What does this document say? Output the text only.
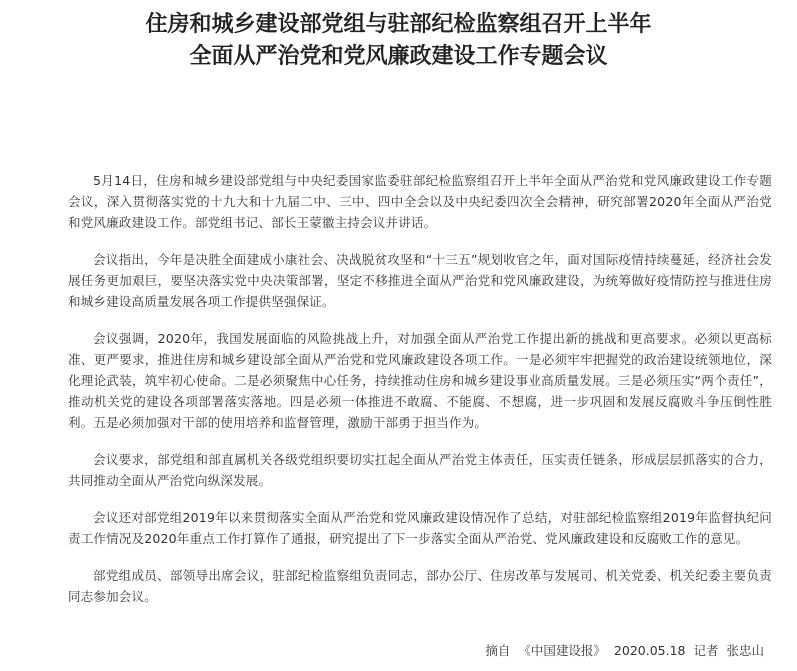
住房和城乡建设部党组与驻部纪检监察组召开上半年
全面从严治党和党风廉政建设工作专题会议

5月14日，住房和城乡建设部党组与中央纪委国家监委驻部纪检监察组召开上半年全面从严治党和党风廉政建设工作专题会议，深入贯彻落实党的十九大和十九届二中、三中、四中全会以及中央纪委四次全会精神，研究部署2020年全面从严治党和党风廉政建设工作。部党组书记、部长王蒙徽主持会议并讲话。

会议指出，今年是决胜全面建成小康社会、决战脱贫攻坚和“十三五”规划收官之年，面对国际疫情持续蔓延，经济社会发展任务更加艰巨，要坚决落实党中央决策部署，坚定不移推进全面从严治党和党风廉政建设，为统筹做好疫情防控与推进住房和城乡建设高质量发展各项工作提供坚强保证。

会议强调，2020年，我国发展面临的风险挑战上升，对加强全面从严治党工作提出新的挑战和更高要求。必须以更高标准、更严要求，推进住房和城乡建设部全面从严治党和党风廉政建设各项工作。一是必须牢牢把握党的政治建设统领地位，深化理论武装，筑牢初心使命。二是必须聚焦中心任务，持续推动住房和城乡建设事业高质量发展。三是必须压实“两个责任”，推动机关党的建设各项部署落实落地。四是必须一体推进不敢腐、不能腐、不想腐，进一步巩固和发展反腐败斗争压倒性胜利。五是必须加强对干部的使用培养和监督管理，激励干部勇于担当作为。

会议要求，部党组和部直属机关各级党组织要切实扛起全面从严治党主体责任，压实责任链条，形成层层抓落实的合力，共同推动全面从严治党向纵深发展。

会议还对部党组2019年以来贯彻落实全面从严治党和党风廉政建设情况作了总结，对驻部纪检监察组2019年监督执纪问责工作情况及2020年重点工作打算作了通报，研究提出了下一步落实全面从严治党、党风廉政建设和反腐败工作的意见。

部党组成员、部领导出席会议，驻部纪检监察组负责同志，部办公厅、住房改革与发展司、机关党委、机关纪委主要负责同志参加会议。

摘自 《中国建设报》 2020.05.18 记者 张忠山
